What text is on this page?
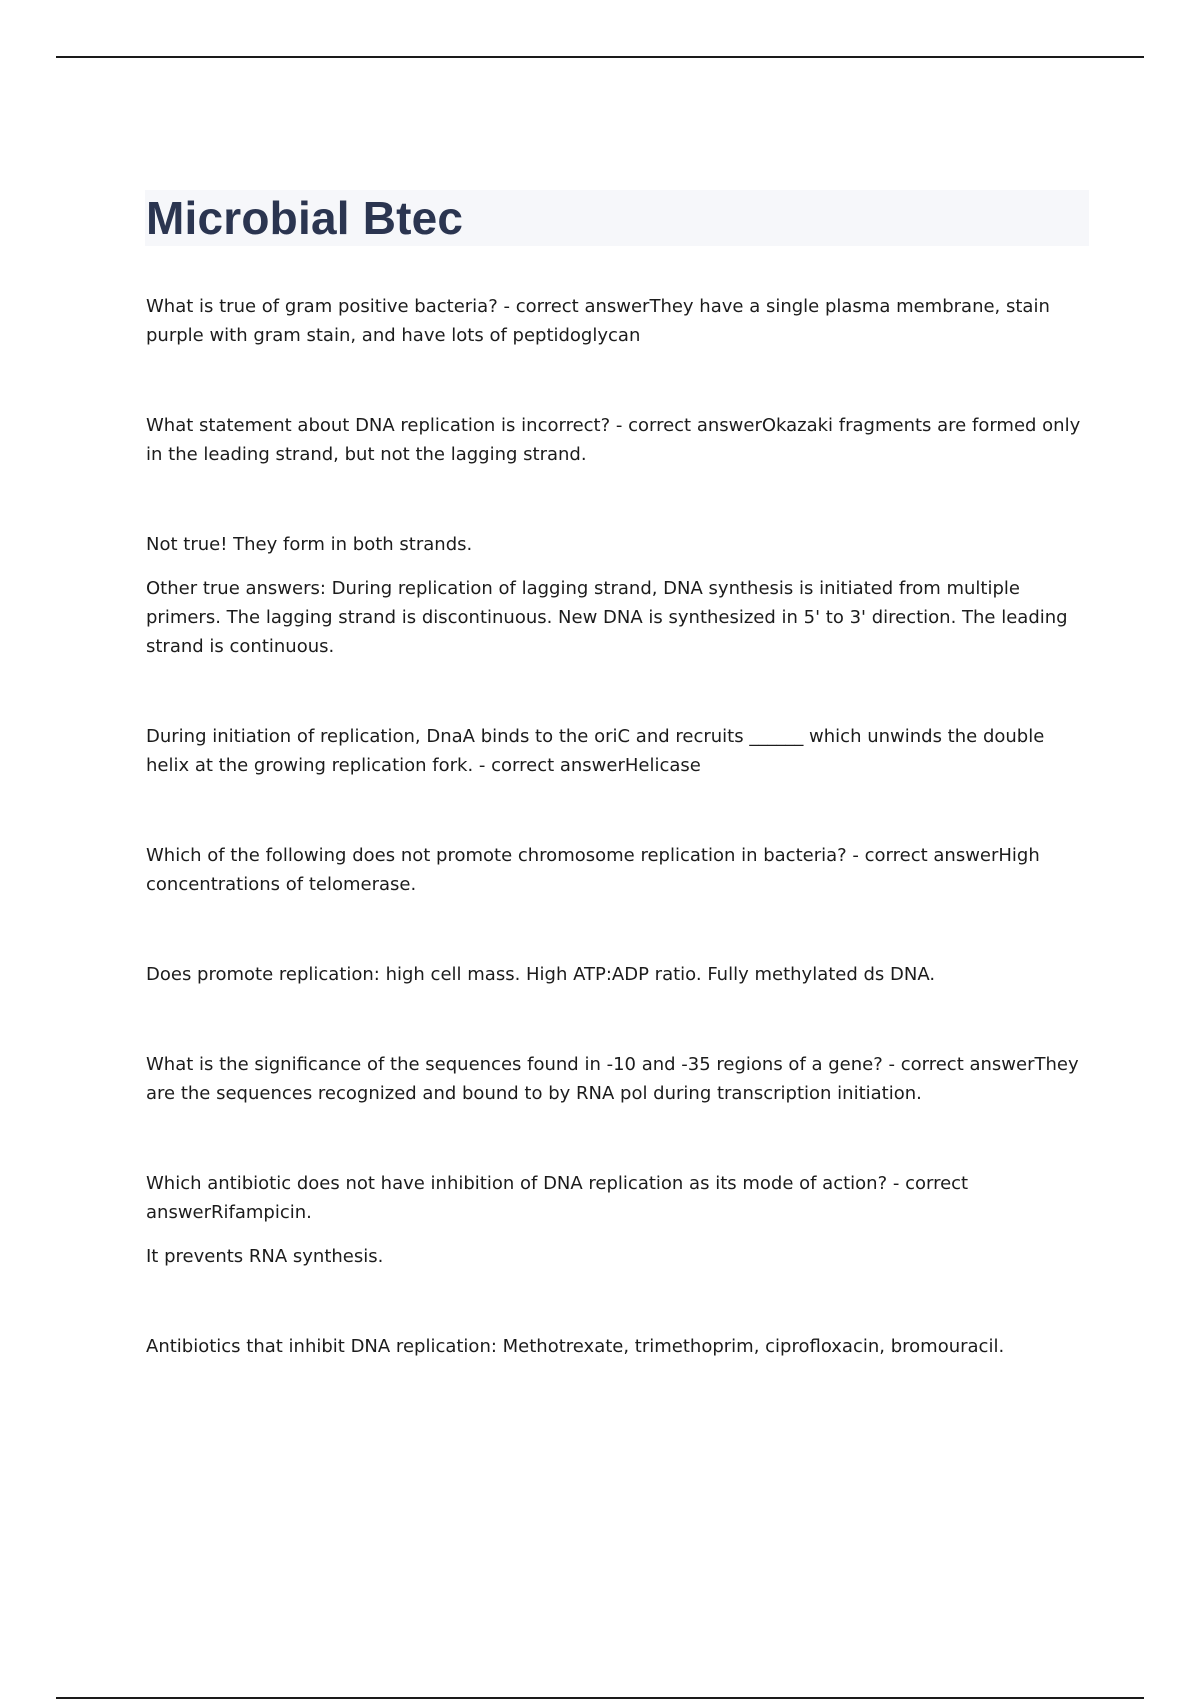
Microbial Btec

What is true of gram positive bacteria? - correct answerThey have a single plasma membrane, stain purple with gram stain, and have lots of peptidoglycan

What statement about DNA replication is incorrect? - correct answerOkazaki fragments are formed only in the leading strand, but not the lagging strand.

Not true! They form in both strands.

Other true answers: During replication of lagging strand, DNA synthesis is initiated from multiple primers. The lagging strand is discontinuous. New DNA is synthesized in 5' to 3' direction. The leading strand is continuous.

During initiation of replication, DnaA binds to the oriC and recruits ______ which unwinds the double helix at the growing replication fork. - correct answerHelicase

Which of the following does not promote chromosome replication in bacteria? - correct answerHigh concentrations of telomerase.

Does promote replication: high cell mass. High ATP:ADP ratio. Fully methylated ds DNA.

What is the significance of the sequences found in -10 and -35 regions of a gene? - correct answerThey are the sequences recognized and bound to by RNA pol during transcription initiation.

Which antibiotic does not have inhibition of DNA replication as its mode of action? - correct answerRifampicin.

It prevents RNA synthesis.

Antibiotics that inhibit DNA replication: Methotrexate, trimethoprim, ciprofloxacin, bromouracil.
